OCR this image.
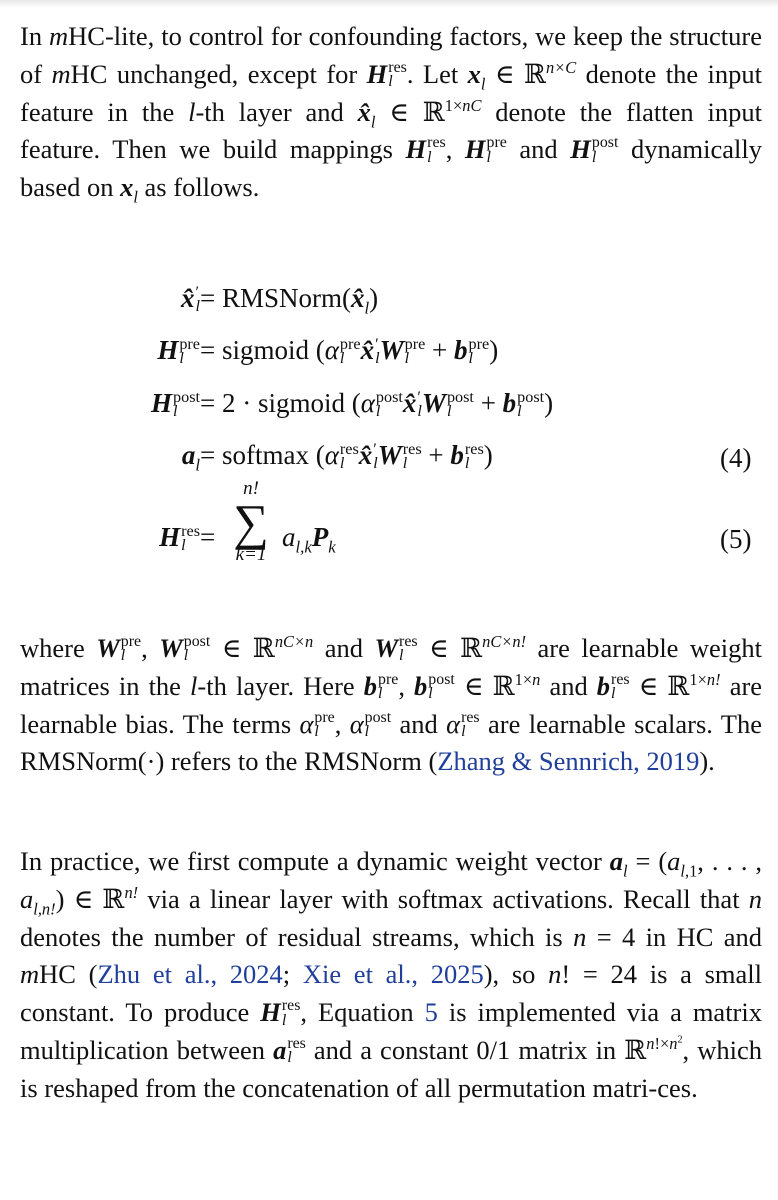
In mHC-lite, to control for confounding factors, we keep the structure of mHC unchanged, except for H res
l . Let $x_l$ ∈ ℝ$^{n\times C}$ denote the input feature in the l-th layer and $x̂_l$ ∈ ℝ$^{1\times nC}$ denote the flatten input feature. Then we build mappings H res
l , H pre
l and H post
l dynamically based on $x_l$ as follows.

x̂ ′
$l = RMSNorm(x̂_l)$
H pre
l = sigmoid (α pre
l x̂ ′
l W pre
l + b pre
l )
H post
l = 2 · sigmoid (α post
l x̂ ′
l W post
l + b post
l )
$a_l$ = softmax (α res
l x̂ ′
l W res
l + b res
l )	(4)
H res
l =
n!
∑
k=1
$a_{l,k}P_k$	(5)

where W pre
l , W post
l ∈ ℝ$^{nC\times n}$ and W res
l ∈ ℝ$^{nC\times n!}$ are learnable weight matrices in the l-th layer. Here b pre
l , b post
l ∈ ℝ$^{1\times n}$ and b res
l ∈ ℝ$^{1\times n!}$ are learnable bias. The terms α pre
l , α post
l and α res
l are learnable scalars. The RMSNorm(·) refers to the RMSNorm (Zhang & Sennrich, 2019).

In practice, we first compute a dynamic weight vector $a_l = (a_{l,1}$, . . . , $a_{l,n!}$) ∈ ℝ$^{n!}$ via a linear layer with softmax activations. Recall that n denotes the number of residual streams, which is n = 4 in HC and mHC (Zhu et al., 2024; Xie et al., 2025), so n! = 24 is a small constant. To produce H res
l , Equation 5 is implemented via a matrix multiplication between a res
l and a constant 0/1 matrix in ℝ$^{n!\times n^2}$, which is reshaped from the concatenation of all permutation matri-ces.
